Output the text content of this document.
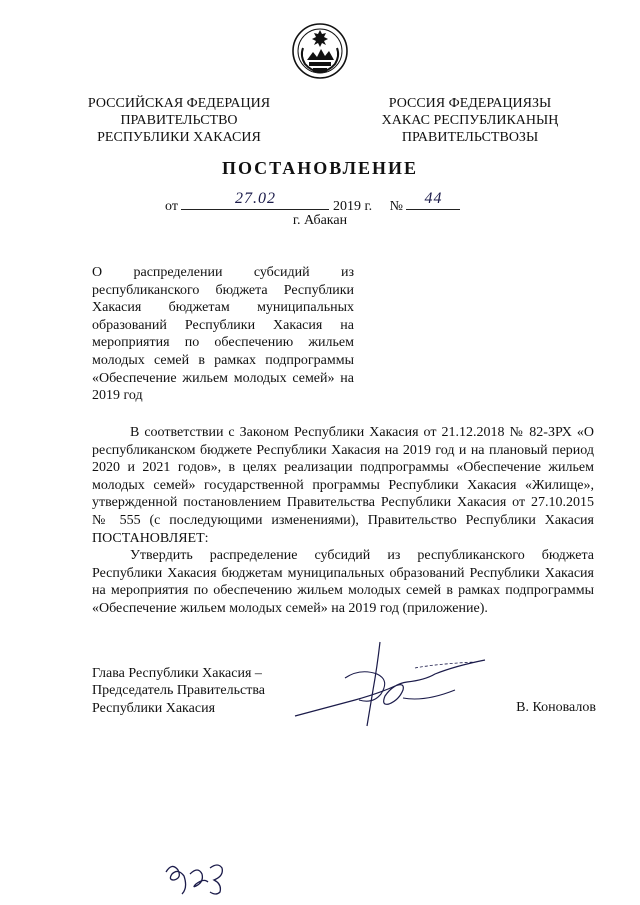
РОССИЙСКАЯ ФЕДЕРАЦИЯ
ПРАВИТЕЛЬСТВО
РЕСПУБЛИКИ ХАКАСИЯ
РОССИЯ ФЕДЕРАЦИЯЗЫ
ХАКАС РЕСПУБЛИКАНЫҢ
ПРАВИТЕЛЬСТВОЗЫ
ПОСТАНОВЛЕНИЕ
от	27.02	2019 г. №	44
г. Абакан
О распределении субсидий из республиканского бюджета Республики Хакасия бюджетам муниципальных образований Республики Хакасия на мероприятия по обеспечению жильем молодых семей в рамках подпрограммы «Обеспечение жильем молодых семей» на 2019 год

В соответствии с Законом Республики Хакасия от 21.12.2018 № 82-ЗРХ «О республиканском бюджете Республики Хакасия на 2019 год и на плановый период 2020 и 2021 годов», в целях реализации подпрограммы «Обеспечение жильем молодых семей» государственной программы Республики Хакасия «Жилище», утвержденной постановлением Правительства Республики Хакасия от 27.10.2015 № 555 (с последующими изменениями), Правительство Республики Хакасия ПОСТАНОВЛЯЕТ:

Утвердить распределение субсидий из республиканского бюджета Республики Хакасия бюджетам муниципальных образований Республики Хакасия на мероприятия по обеспечению жильем молодых семей в рамках подпрограммы «Обеспечение жильем молодых семей» на 2019 год (приложение).

Глава Республики Хакасия –
Председатель Правительства
Республики Хакасия	В. Коновалов
